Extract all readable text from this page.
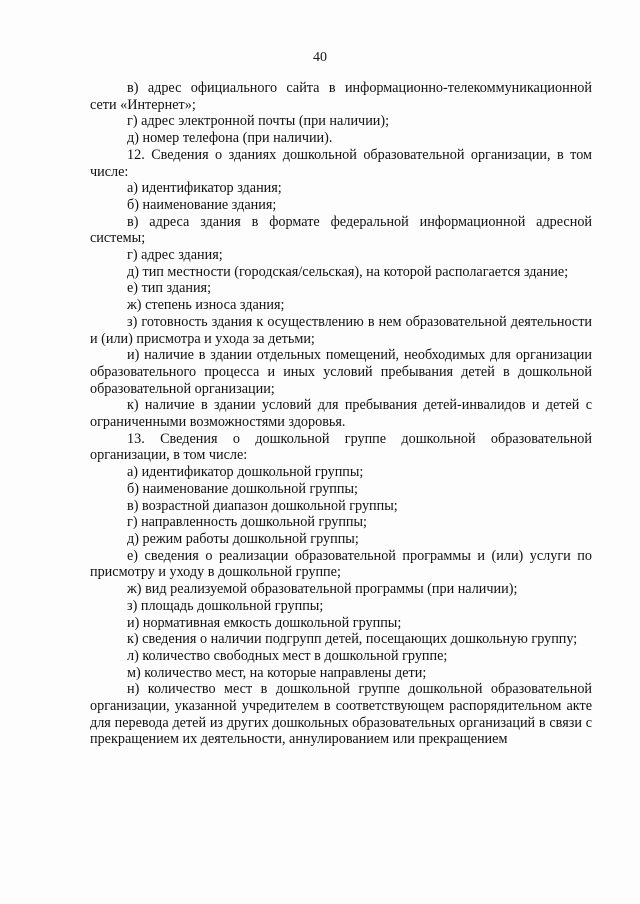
40

в) адрес официального сайта в информационно-телекоммуникационной сети «Интернет»;

г) адрес электронной почты (при наличии);

д) номер телефона (при наличии).

12. Сведения о зданиях дошкольной образовательной организации, в том числе:

а) идентификатор здания;

б) наименование здания;

в) адреса здания в формате федеральной информационной адресной системы;

г) адрес здания;

д) тип местности (городская/сельская), на которой располагается здание;

е) тип здания;

ж) степень износа здания;

з) готовность здания к осуществлению в нем образовательной деятельности и (или) присмотра и ухода за детьми;

и) наличие в здании отдельных помещений, необходимых для организации образовательного процесса и иных условий пребывания детей в дошкольной образовательной организации;

к) наличие в здании условий для пребывания детей-инвалидов и детей с ограниченными возможностями здоровья.

13. Сведения о дошкольной группе дошкольной образовательной организации, в том числе:

а) идентификатор дошкольной группы;

б) наименование дошкольной группы;

в) возрастной диапазон дошкольной группы;

г) направленность дошкольной группы;

д) режим работы дошкольной группы;

е) сведения о реализации образовательной программы и (или) услуги по присмотру и уходу в дошкольной группе;

ж) вид реализуемой образовательной программы (при наличии);

з) площадь дошкольной группы;

и) нормативная емкость дошкольной группы;

к) сведения о наличии подгрупп детей, посещающих дошкольную группу;

л) количество свободных мест в дошкольной группе;

м) количество мест, на которые направлены дети;

н) количество мест в дошкольной группе дошкольной образовательной организации, указанной учредителем в соответствующем распорядительном акте для перевода детей из других дошкольных образовательных организаций в связи с прекращением их деятельности, аннулированием или прекращением
